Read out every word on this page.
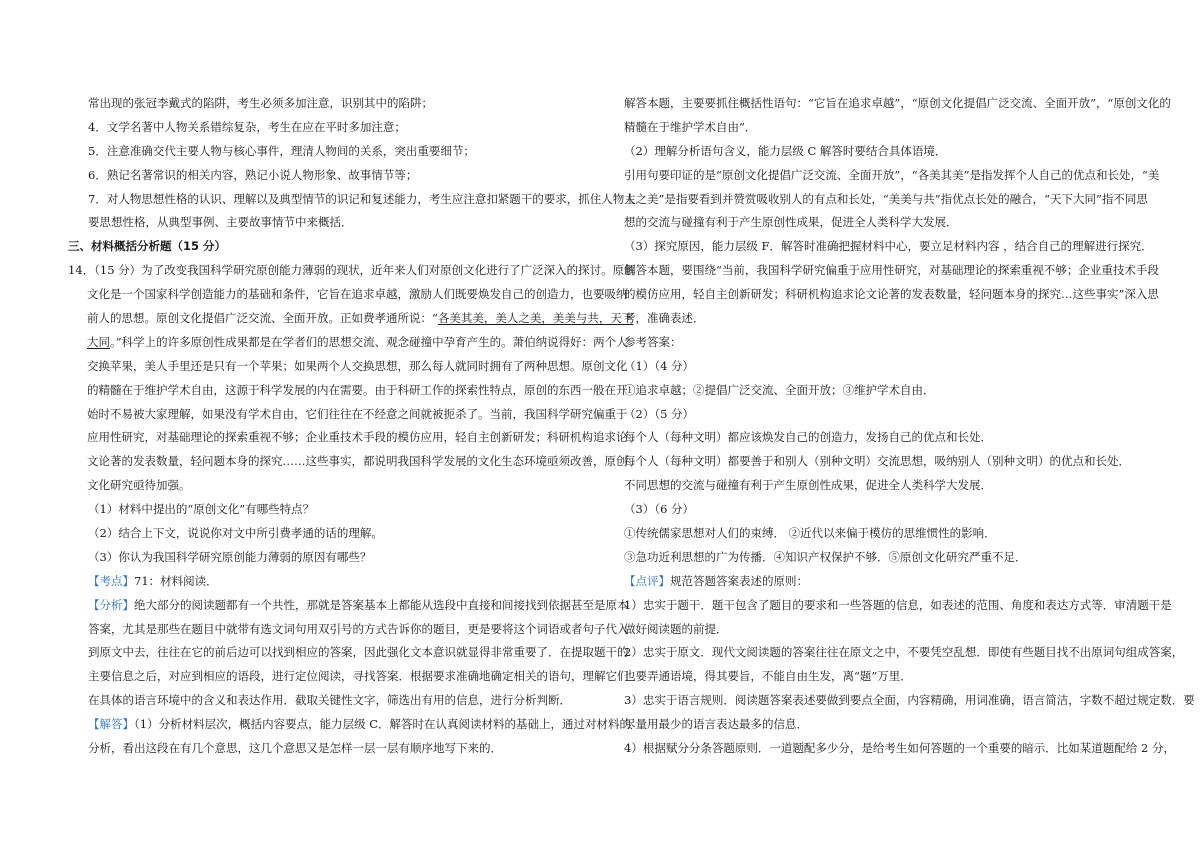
常出现的张冠李戴式的陷阱，考生必须多加注意，识别其中的陷阱；
4．文学名著中人物关系错综复杂，考生在应在平时多加注意；
5．注意准确交代主要人物与核心事件，理清人物间的关系，突出重要细节；
6．熟记名著常识的相关内容，熟记小说人物形象、故事情节等；
7．对人物思想性格的认识、理解以及典型情节的识记和复述能力，考生应注意扣紧题干的要求，抓住人物主
要思想性格，从典型事例、主要故事情节中来概括．
三、材料概括分析题（15 分）
14．（15 分）为了改变我国科学研究原创能力薄弱的现状，近年来人们对原创文化进行了广泛深入的探讨。原创
文化是一个国家科学创造能力的基础和条件，它旨在追求卓越，激励人们既要焕发自己的创造力，也要吸纳
前人的思想。原创文化提倡广泛交流、全面开放。正如费孝通所说：“各美其美，美人之美，美美与共，天下
大同。”科学上的许多原创性成果都是在学者们的思想交流、观念碰撞中孕育产生的。萧伯纳说得好：两个人
交换苹果，美人手里还是只有一个苹果；如果两个人交换思想，那么每人就同时拥有了两种思想。原创文化
的精髓在于维护学术自由，这源于科学发展的内在需要。由于科研工作的探索性特点，原创的东西一般在开
始时不易被大家理解，如果没有学术自由，它们往往在不经意之间就被扼杀了。当前，我国科学研究偏重于
应用性研究，对基础理论的探索重视不够；企业重技术手段的模仿应用，轻自主创新研发；科研机构追求论
文论著的发表数量，轻问题本身的探究……这些事实，都说明我国科学发展的文化生态环境亟须改善，原创
文化研究亟待加强。
（1）材料中提出的“原创文化”有哪些特点？
（2）结合上下文，说说你对文中所引费孝通的话的理解。
（3）你认为我国科学研究原创能力薄弱的原因有哪些？
【考点】71：材料阅读．
【分析】绝大部分的阅读题都有一个共性，那就是答案基本上都能从选段中直接和间接找到依据甚至是原本
答案，尤其是那些在题目中就带有选文词句用双引号的方式告诉你的题目，更是要将这个词语或者句子代入
到原文中去，往往在它的前后边可以找到相应的答案，因此强化文本意识就显得非常重要了．在提取题干的
主要信息之后，对应到相应的语段，进行定位阅读，寻找答案．根据要求准确地确定相关的语句，理解它们
在具体的语言环境中的含义和表达作用．截取关键性文字，筛选出有用的信息，进行分析判断．
【解答】（1）分析材料层次，概括内容要点，能力层级 C．解答时在认真阅读材料的基础上，通过对材料的
分析，看出这段在有几个意思，这几个意思又是怎样一层一层有顺序地写下来的．
解答本题，主要要抓住概括性语句：“它旨在追求卓越”，“原创文化提倡广泛交流、全面开放”，“原创文化的
精髓在于维护学术自由”．
（2）理解分析语句含义，能力层级 C 解答时要结合具体语境．
引用句要印证的是“原创文化提倡广泛交流、全面开放”，“各美其美”是指发挥个人自己的优点和长处，“美
人之美”是指要看到并赞赏吸收别人的有点和长处，“美美与共”指优点长处的融合，“天下大同”指不同思
想的交流与碰撞有利于产生原创性成果，促进全人类科学大发展．
（3）探究原因，能力层级 F．解答时准确把握材料中心，要立足材料内容 ，结合自己的理解进行探究．
解答本题，要围绕“当前，我国科学研究偏重于应用性研究，对基础理论的探索重视不够；企业重技术手段
的模仿应用，轻自主创新研发；科研机构追求论文论著的发表数量，轻问题本身的探究…这些事实”深入思
考，准确表述．
参考答案：
（1）（4 分）
①追求卓越；②提倡广泛交流、全面开放；③维护学术自由．
（2）（5 分）
每个人（每种文明）都应该焕发自己的创造力，发扬自己的优点和长处．
每个人（每种文明）都要善于和别人（别种文明）交流思想，吸纳别人（别种文明）的优点和长处．
不同思想的交流与碰撞有利于产生原创性成果，促进全人类科学大发展．
（3）（6 分）
①传统儒家思想对人们的束缚． ②近代以来偏于模仿的思维惯性的影响．
③急功近利思想的广为传播．④知识产权保护不够．⑤原创文化研究严重不足．
【点评】规范答题答案表述的原则：
1）忠实于题干．题干包含了题目的要求和一些答题的信息，如表述的范围、角度和表达方式等．审清题干是
做好阅读题的前提．
2）忠实于原文．现代文阅读题的答案往往在原文之中，不要凭空乱想．即使有些题目找不出原词句组成答案，
也要弄通语境，得其要旨，不能自由生发，离“题”万里．
3）忠实于语言规则．阅读题答案表述要做到要点全面，内容精确，用词准确，语言简洁，字数不超过规定数．要
尽量用最少的语言表达最多的信息．
4）根据赋分分条答题原则．一道题配多少分，是给考生如何答题的一个重要的暗示．比如某道题配给 2 分，
